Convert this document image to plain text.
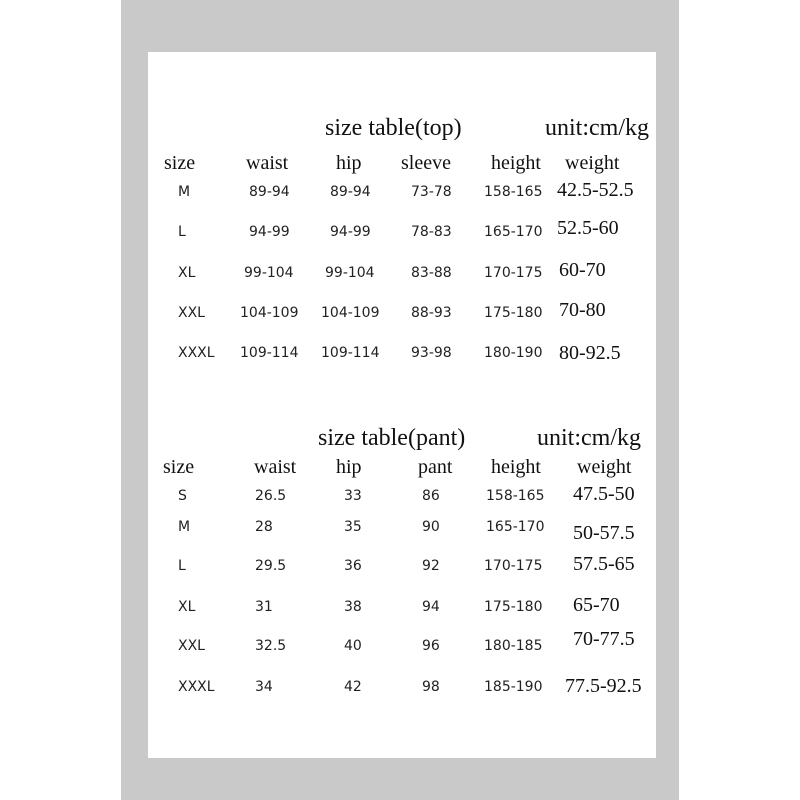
size table(top)	unit:cm/kg
size	waist hip sleeve height weight
M	89-94	89-94	73-78 158-165 42.5-52.5
L	94-99	94-99	78-83 165-170 52.5-60
XL	99-104 99-104	83-88 170-175 60-70
XXL	104-109 104-109 88-93 175-180 70-80
XXXL 109-114 109-114 93-98 180-190 80-92.5
size table(pant)	unit:cm/kg
size	waist hip	pant height weight
S	26.5	33	86	158-165 47.5-50
M	28	35	90	165-170 50-57.5
L	29.5	36	92	170-175 57.5-65
XL	31	38	94	175-180 65-70
XXL	32.5	40	96	180-185 70-77.5
XXXL	34	42	98	185-190 77.5-92.5
